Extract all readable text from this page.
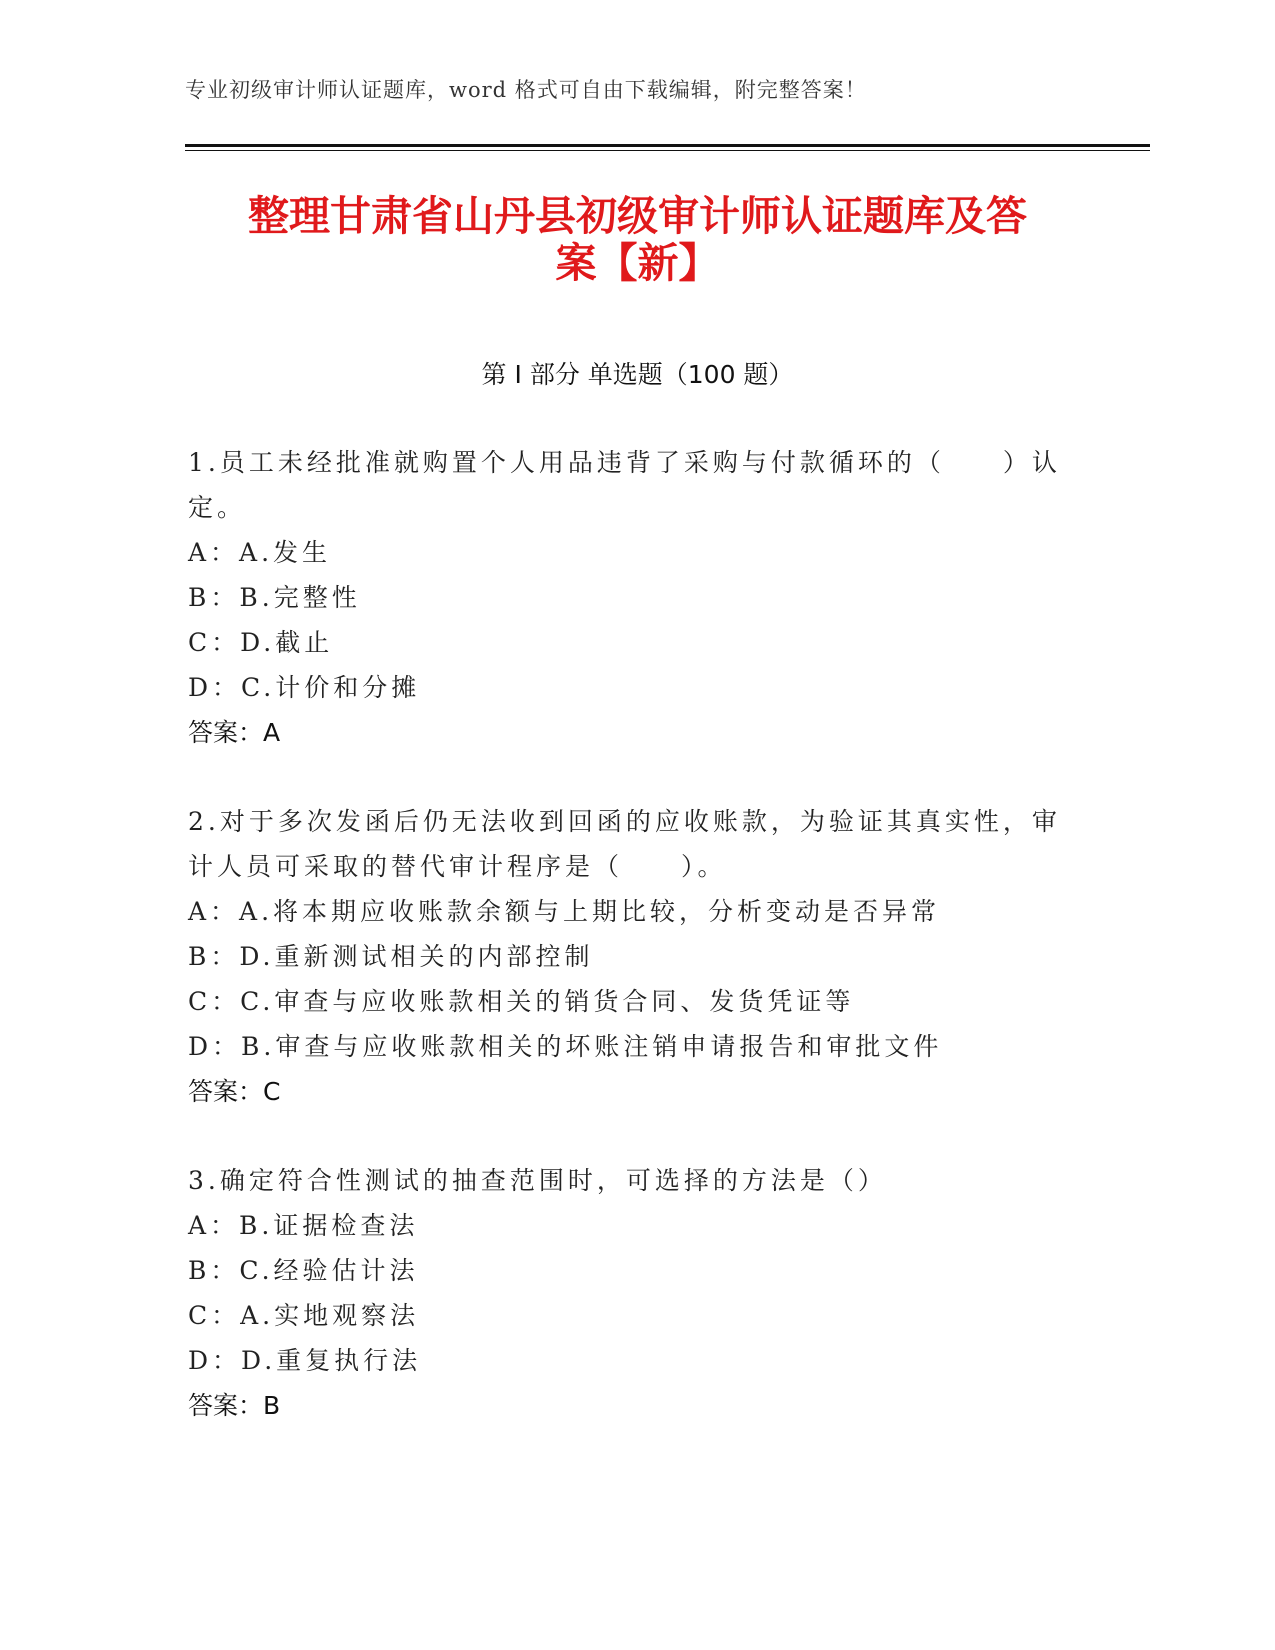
专业初级审计师认证题库，word 格式可自由下载编辑，附完整答案！
整理甘肃省山丹县初级审计师认证题库及答
案【新】
第 I 部分 单选题（100 题）
1.员工未经批准就购置个人用品违背了采购与付款循环的（　　）认定。
A：A.发生
B：B.完整性
C：D.截止
D：C.计价和分摊
答案：A
2.对于多次发函后仍无法收到回函的应收账款，为验证其真实性，审计人员可采取的替代审计程序是（　　）。
A：A.将本期应收账款余额与上期比较，分析变动是否异常
B：D.重新测试相关的内部控制
C：C.审查与应收账款相关的销货合同、发货凭证等
D：B.审查与应收账款相关的坏账注销申请报告和审批文件
答案：C
3.确定符合性测试的抽查范围时，可选择的方法是（）
A：B.证据检查法
B：C.经验估计法
C：A.实地观察法
D：D.重复执行法
答案：B
